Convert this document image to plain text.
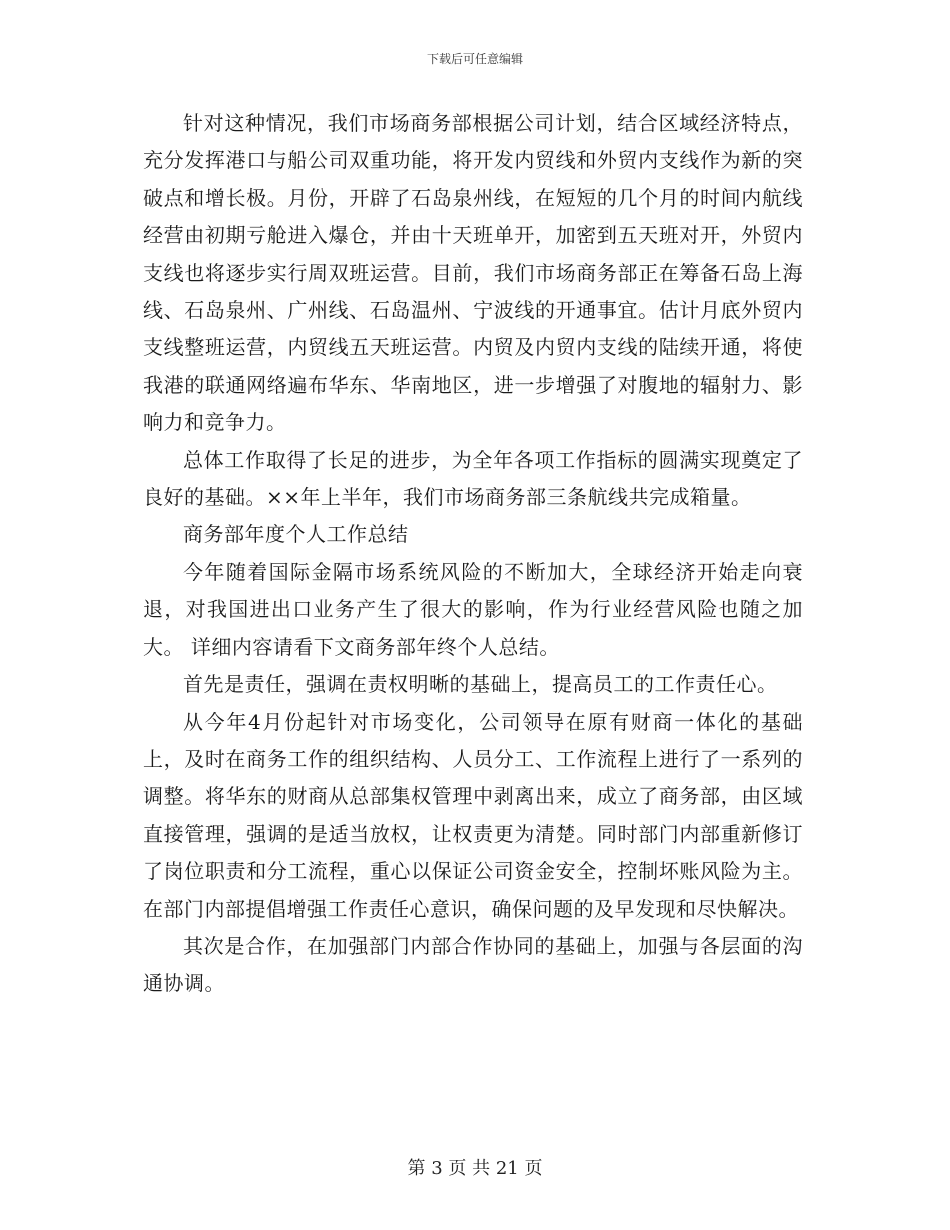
下载后可任意编辑

针对这种情况，我们市场商务部根据公司计划，结合区域经济特点，充分发挥港口与船公司双重功能，将开发内贸线和外贸内支线作为新的突破点和增长极。月份，开辟了石岛泉州线，在短短的几个月的时间内航线经营由初期亏舱进入爆仓，并由十天班单开，加密到五天班对开，外贸内支线也将逐步实行周双班运营。目前，我们市场商务部正在筹备石岛上海线、石岛泉州、广州线、石岛温州、宁波线的开通事宜。估计月底外贸内支线整班运营，内贸线五天班运营。内贸及内贸内支线的陆续开通，将使我港的联通网络遍布华东、华南地区，进一步增强了对腹地的辐射力、影响力和竞争力。

总体工作取得了长足的进步，为全年各项工作指标的圆满实现奠定了良好的基础。××年上半年，我们市场商务部三条航线共完成箱量。

商务部年度个人工作总结

今年随着国际金隔市场系统风险的不断加大，全球经济开始走向衰退，对我国进出口业务产生了很大的影响，作为行业经营风险也随之加大。 详细内容请看下文商务部年终个人总结。

首先是责任，强调在责权明晰的基础上，提高员工的工作责任心。

从今年4月份起针对市场变化，公司领导在原有财商一体化的基础上，及时在商务工作的组织结构、人员分工、工作流程上进行了一系列的调整。将华东的财商从总部集权管理中剥离出来，成立了商务部，由区域直接管理，强调的是适当放权，让权责更为清楚。同时部门内部重新修订了岗位职责和分工流程，重心以保证公司资金安全，控制坏账风险为主。在部门内部提倡增强工作责任心意识，确保问题的及早发现和尽快解决。

其次是合作，在加强部门内部合作协同的基础上，加强与各层面的沟通协调。

第 3 页 共 21 页
